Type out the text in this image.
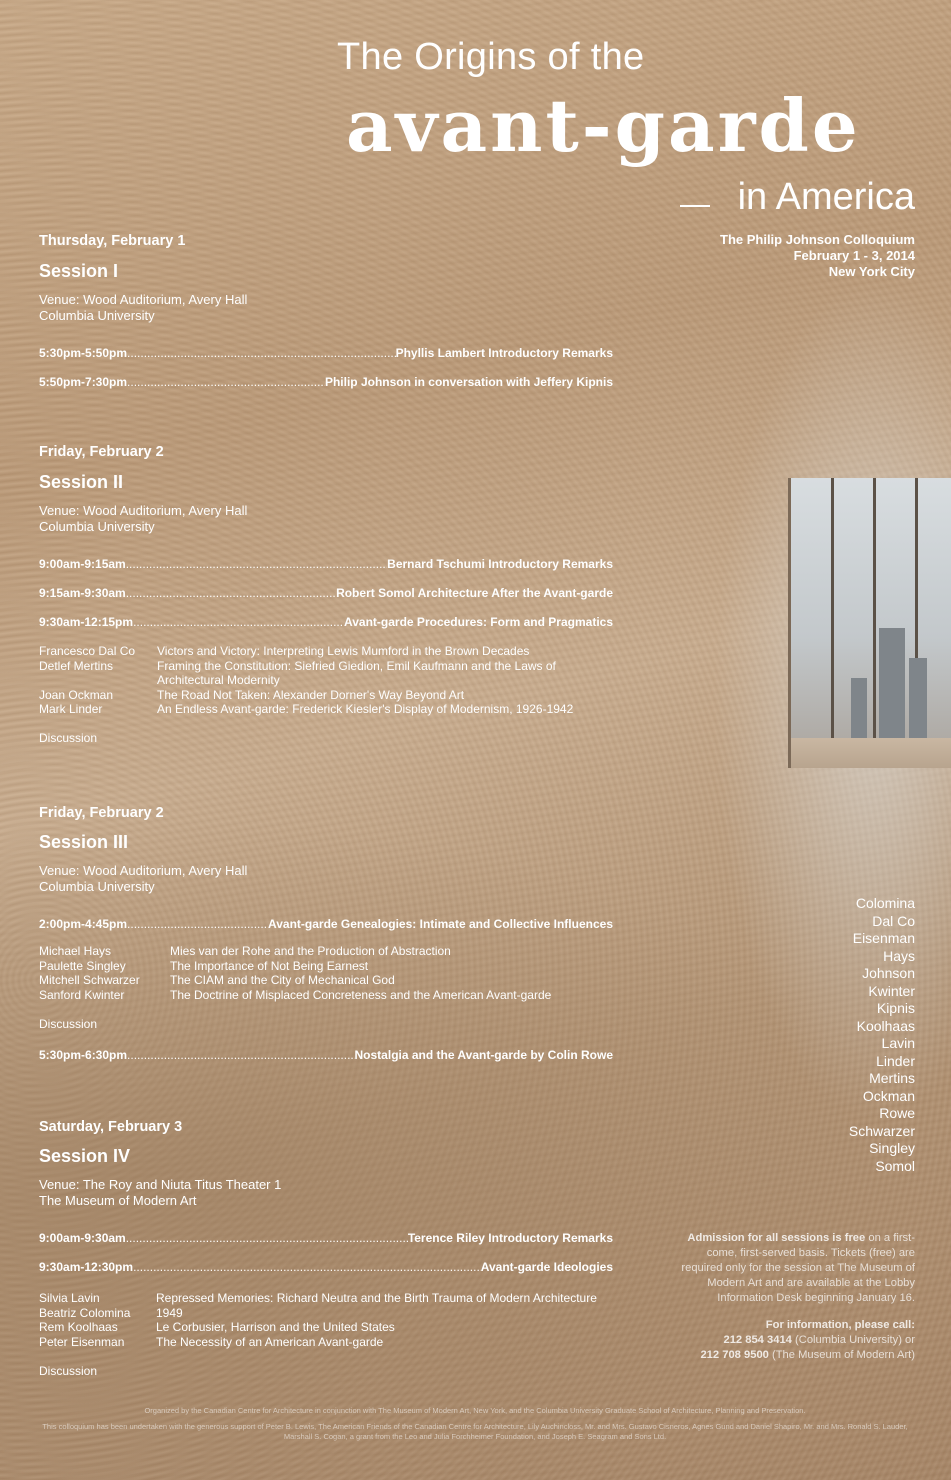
The Origins of the
avant-garde
in America
The Philip Johnson Colloquium
February 1 - 3, 2014
New York City
Thursday, February 1
Session I
Venue: Wood Auditorium, Avery Hall
Columbia University
5:30pm-5:50pm .....	Phyllis Lambert Introductory Remarks
5:50pm-7:30pm .....	Philip Johnson in conversation with Jeffery Kipnis
Friday, February 2
Session II
Venue: Wood Auditorium, Avery Hall
Columbia University
9:00am-9:15am .....	Bernard Tschumi Introductory Remarks
9:15am-9:30am .....	Robert Somol Architecture After the Avant-garde
9:30am-12:15pm .....	Avant-garde Procedures: Form and Pragmatics
Francesco Dal Co	Victors and Victory: Interpreting Lewis Mumford in the Brown Decades
Detlef Mertins	Framing the Constitution: Siefried Giedion, Emil Kaufmann and the Laws of Architectural Modernity
Joan Ockman	The Road Not Taken: Alexander Dorner's Way Beyond Art
Mark Linder	An Endless Avant-garde: Frederick Kiesler's Display of Modernism, 1926-1942
Discussion
Friday, February 2
Session III
Venue: Wood Auditorium, Avery Hall
Columbia University
2:00pm-4:45pm .....	Avant-garde Genealogies: Intimate and Collective Influences
Michael Hays	Mies van der Rohe and the Production of Abstraction
Paulette Singley	The Importance of Not Being Earnest
Mitchell Schwarzer	The CIAM and the City of Mechanical God
Sanford Kwinter	The Doctrine of Misplaced Concreteness and the American Avant-garde
Discussion
5:30pm-6:30pm .....	Nostalgia and the Avant-garde by Colin Rowe
Saturday, February 3
Session IV
Venue: The Roy and Niuta Titus Theater 1
The Museum of Modern Art
9:00am-9:30am .....	Terence Riley Introductory Remarks
9:30am-12:30pm .....	Avant-garde Ideologies
Silvia Lavin	Repressed Memories: Richard Neutra and the Birth Trauma of Modern Architecture
Beatriz Colomina	1949
Rem Koolhaas	Le Corbusier, Harrison and the United States
Peter Eisenman	The Necessity of an American Avant-garde
Discussion
Colomina
Dal Co
Eisenman
Hays
Johnson
Kwinter
Kipnis
Koolhaas
Lavin
Linder
Mertins
Ockman
Rowe
Schwarzer
Singley
Somol
Admission for all sessions is free on a first-come, first-served basis. Tickets (free) are required only for the session at The Museum of Modern Art and are available at the Lobby Information Desk beginning January 16.
For information, please call:
212 854 3414 (Columbia University) or
212 708 9500 (The Museum of Modern Art)
Organized by the Canadian Centre for Architecture in conjunction with The Museum of Modern Art, New York, and the Columbia University Graduate School of Architecture, Planning and Preservation.
This colloquium has been undertaken with the generous support of Peter B. Lewis, The American Friends of the Canadian Centre for Architecture, Lily Auchincloss, Mr. and Mrs. Gustavo Cisneros, Agnes Gund and Daniel Shapiro, Mr. and Mrs. Ronald S. Lauder, Marshall S. Cogan, a grant from the Leo and Julia Forchheimer Foundation, and Joseph E. Seagram and Sons Ltd.
